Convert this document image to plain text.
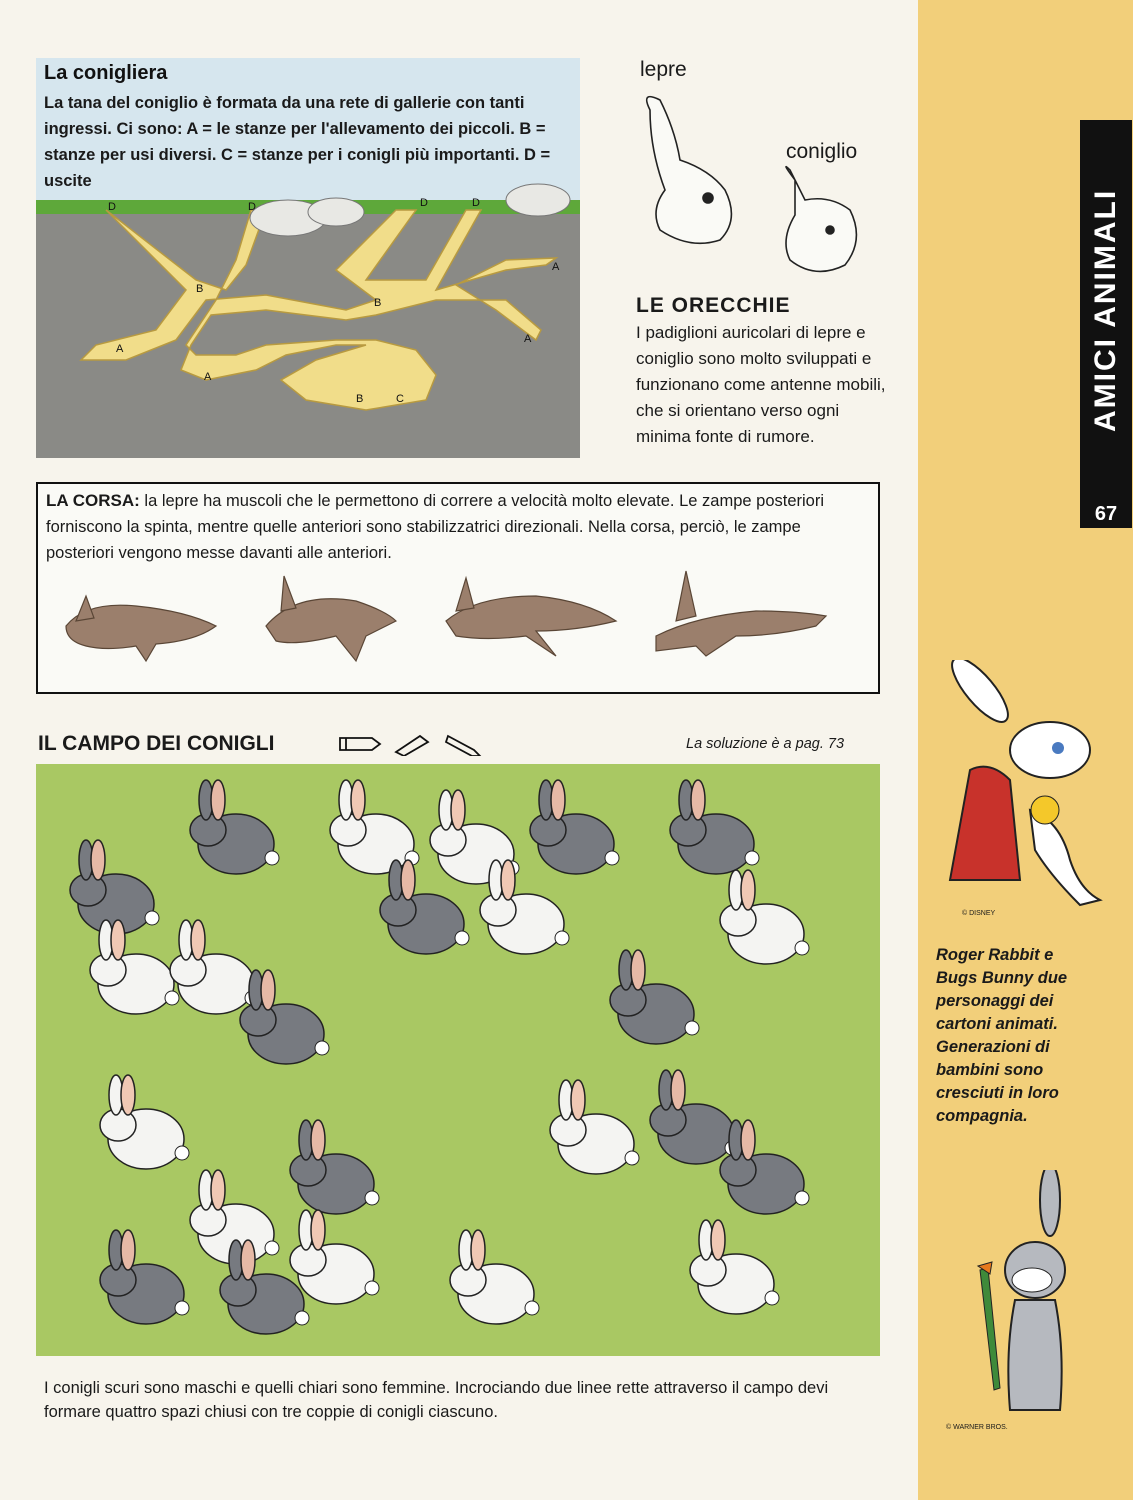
AMICI ANIMALI
67
La conigliera
La tana del coniglio è formata da una rete di gallerie con tanti ingressi. Ci sono: A = le stanze per l'allevamento dei piccoli. B = stanze per usi diversi. C = stanze per i conigli più importanti. D = uscite
D	D	D	D
A
B
B
A
A
A
B	C
lepre
coniglio
LE ORECCHIE
I padiglioni auricolari di lepre e coniglio sono molto sviluppati e funzionano come antenne mobili, che si orientano verso ogni minima fonte di rumore.
LA CORSA: la lepre ha muscoli che le permettono di correre a velocità molto elevate. Le zampe posteriori forniscono la spinta, mentre quelle anteriori sono stabilizzatrici direzionali. Nella corsa, perciò, le zampe posteriori vengono messe davanti alle anteriori.
IL CAMPO DEI CONIGLI	La soluzione è a pag. 73
I conigli scuri sono maschi e quelli chiari sono femmine. Incrociando due linee rette attraverso il campo devi formare quattro spazi chiusi con tre coppie di conigli ciascuno.
© DISNEY
Roger Rabbit e Bugs Bunny due personaggi dei cartoni animati. Generazioni di bambini sono cresciuti in loro compagnia.
© WARNER BROS.
